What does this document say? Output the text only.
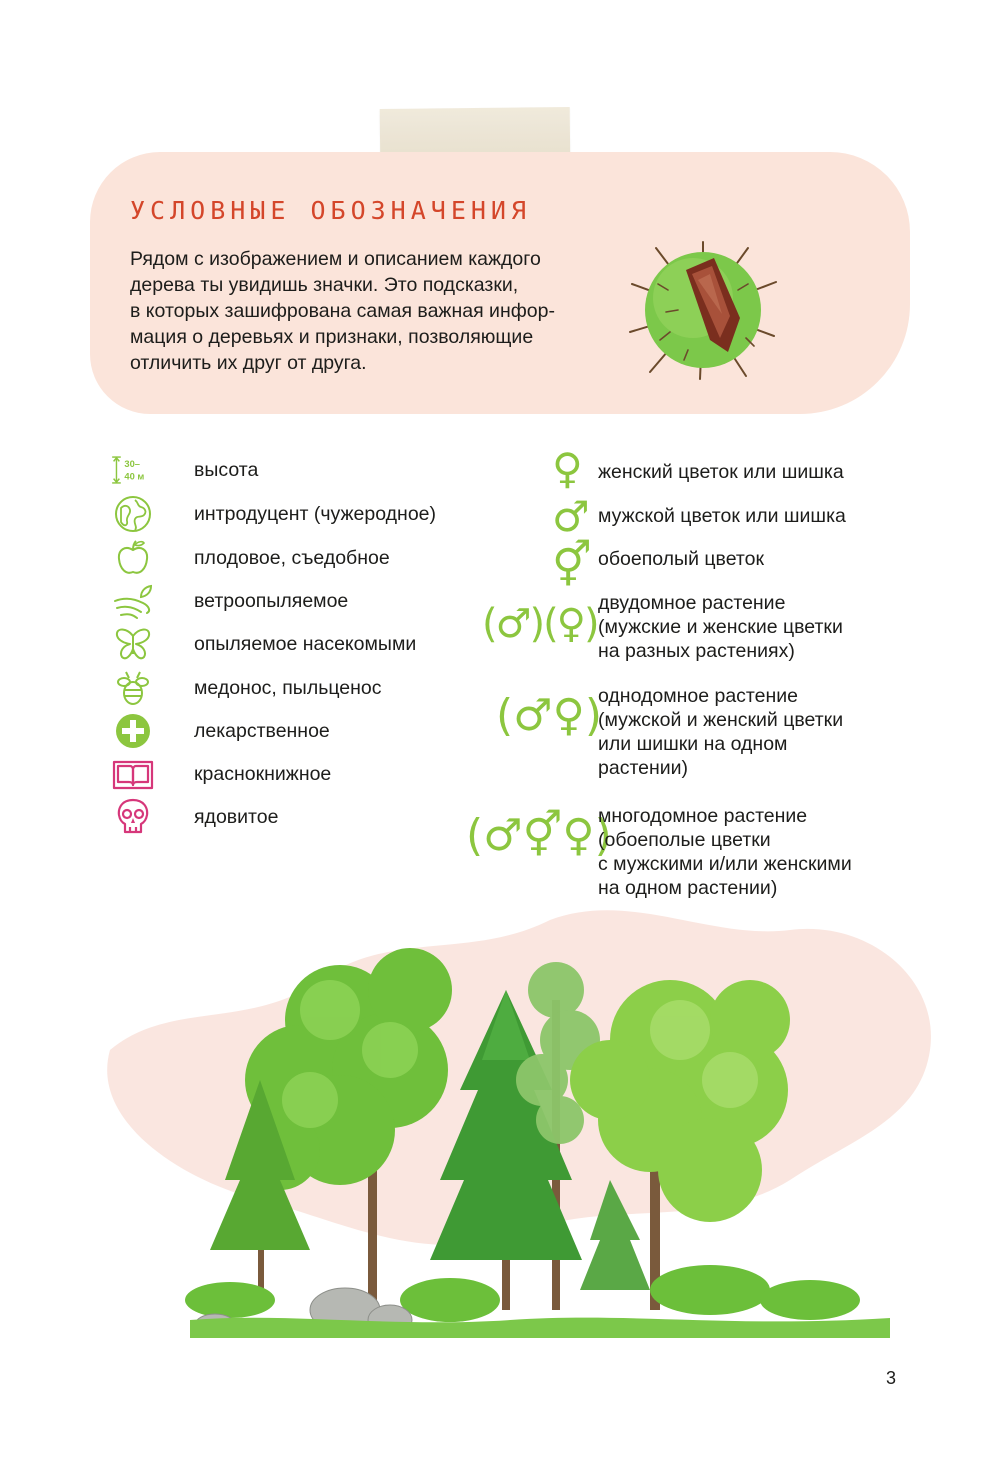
УСЛОВНЫЕ ОБОЗНАЧЕНИЯ

Рядом с изображением и описанием каждого
дерева ты увидишь значки. Это подсказки,
в которых зашифрована самая важная инфор-
мация о деревьях и признаки, позволяющие
отличить их друг от друга.

30–
40 м	высота
интродуцент (чужеродное)
плодовое, съедобное
ветроопыляемое
опыляемое насекомыми
медонос, пыльценос
лекарственное
краснокнижное
ядовитое
♀
♂
⚥
(♂)(♀)
(♂♀)
(♂⚥♀)
женский цветок или шишка
мужской цветок или шишка
обоеполый цветок
двудомное растение
(мужские и женские цветки
на разных растениях)
однодомное растение
(мужской и женский цветки
или шишки на одном
растении)
многодомное растение
(обоеполые цветки
с мужскими и/или женскими
на одном растении)
3
